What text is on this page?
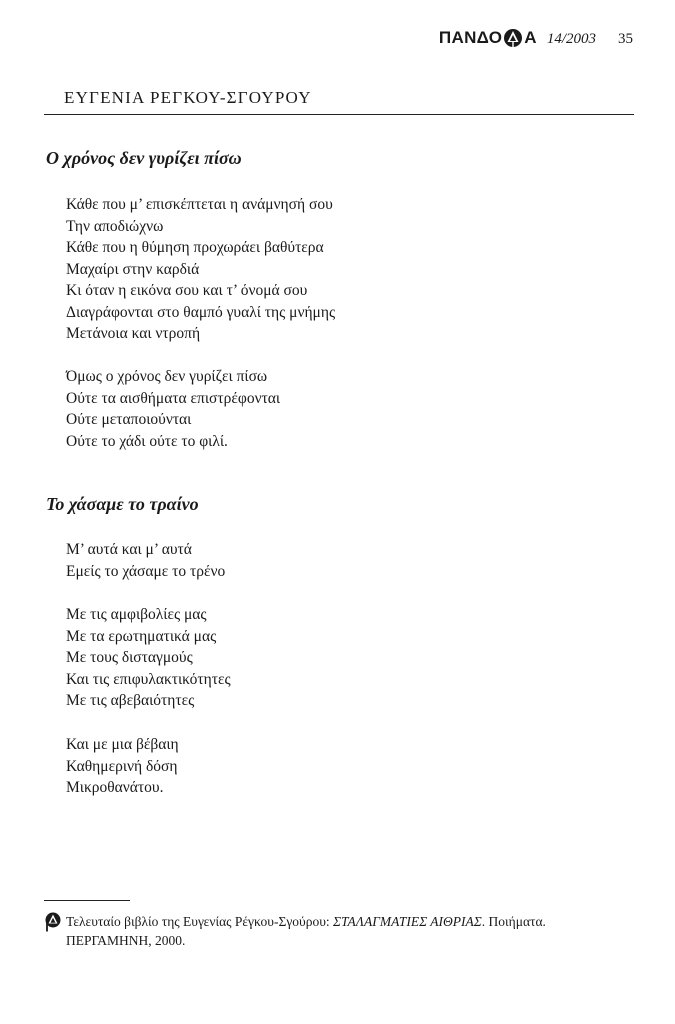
ΠΑΝΔΟ Α 14/2003 35
ΕΥΓΕΝΙΑ ΡΕΓΚΟΥ-ΣΓΟΥΡΟΥ
Ο χρόνος δεν γυρίζει πίσω
Κάθε που μ’ επισκέπτεται η ανάμνησή σου
Την αποδιώχνω
Κάθε που η θύμηση προχωράει βαθύτερα
Μαχαίρι στην καρδιά
Κι όταν η εικόνα σου και τ’ όνομά σου
Διαγράφονται στο θαμπό γυαλί της μνήμης
Μετάνοια και ντροπή
Όμως ο χρόνος δεν γυρίζει πίσω
Ούτε τα αισθήματα επιστρέφονται
Ούτε μεταποιούνται
Ούτε το χάδι ούτε το φιλί.
Το χάσαμε το τραίνο
Μ’ αυτά και μ’ αυτά
Εμείς το χάσαμε το τρένο
Με τις αμφιβολίες μας
Με τα ερωτηματικά μας
Με τους δισταγμούς
Και τις επιφυλακτικότητες
Με τις αβεβαιότητες
Και με μια βέβαιη
Καθημερινή δόση
Μικροθανάτου.
Τελευταίο βιβλίο της Ευγενίας Ρέγκου-Σγούρου: ΣΤΑΛΑΓΜΑΤΙΕΣ ΑΙΘΡΙΑΣ. Ποιήματα.
ΠΕΡΓΑΜΗΝΗ, 2000.
